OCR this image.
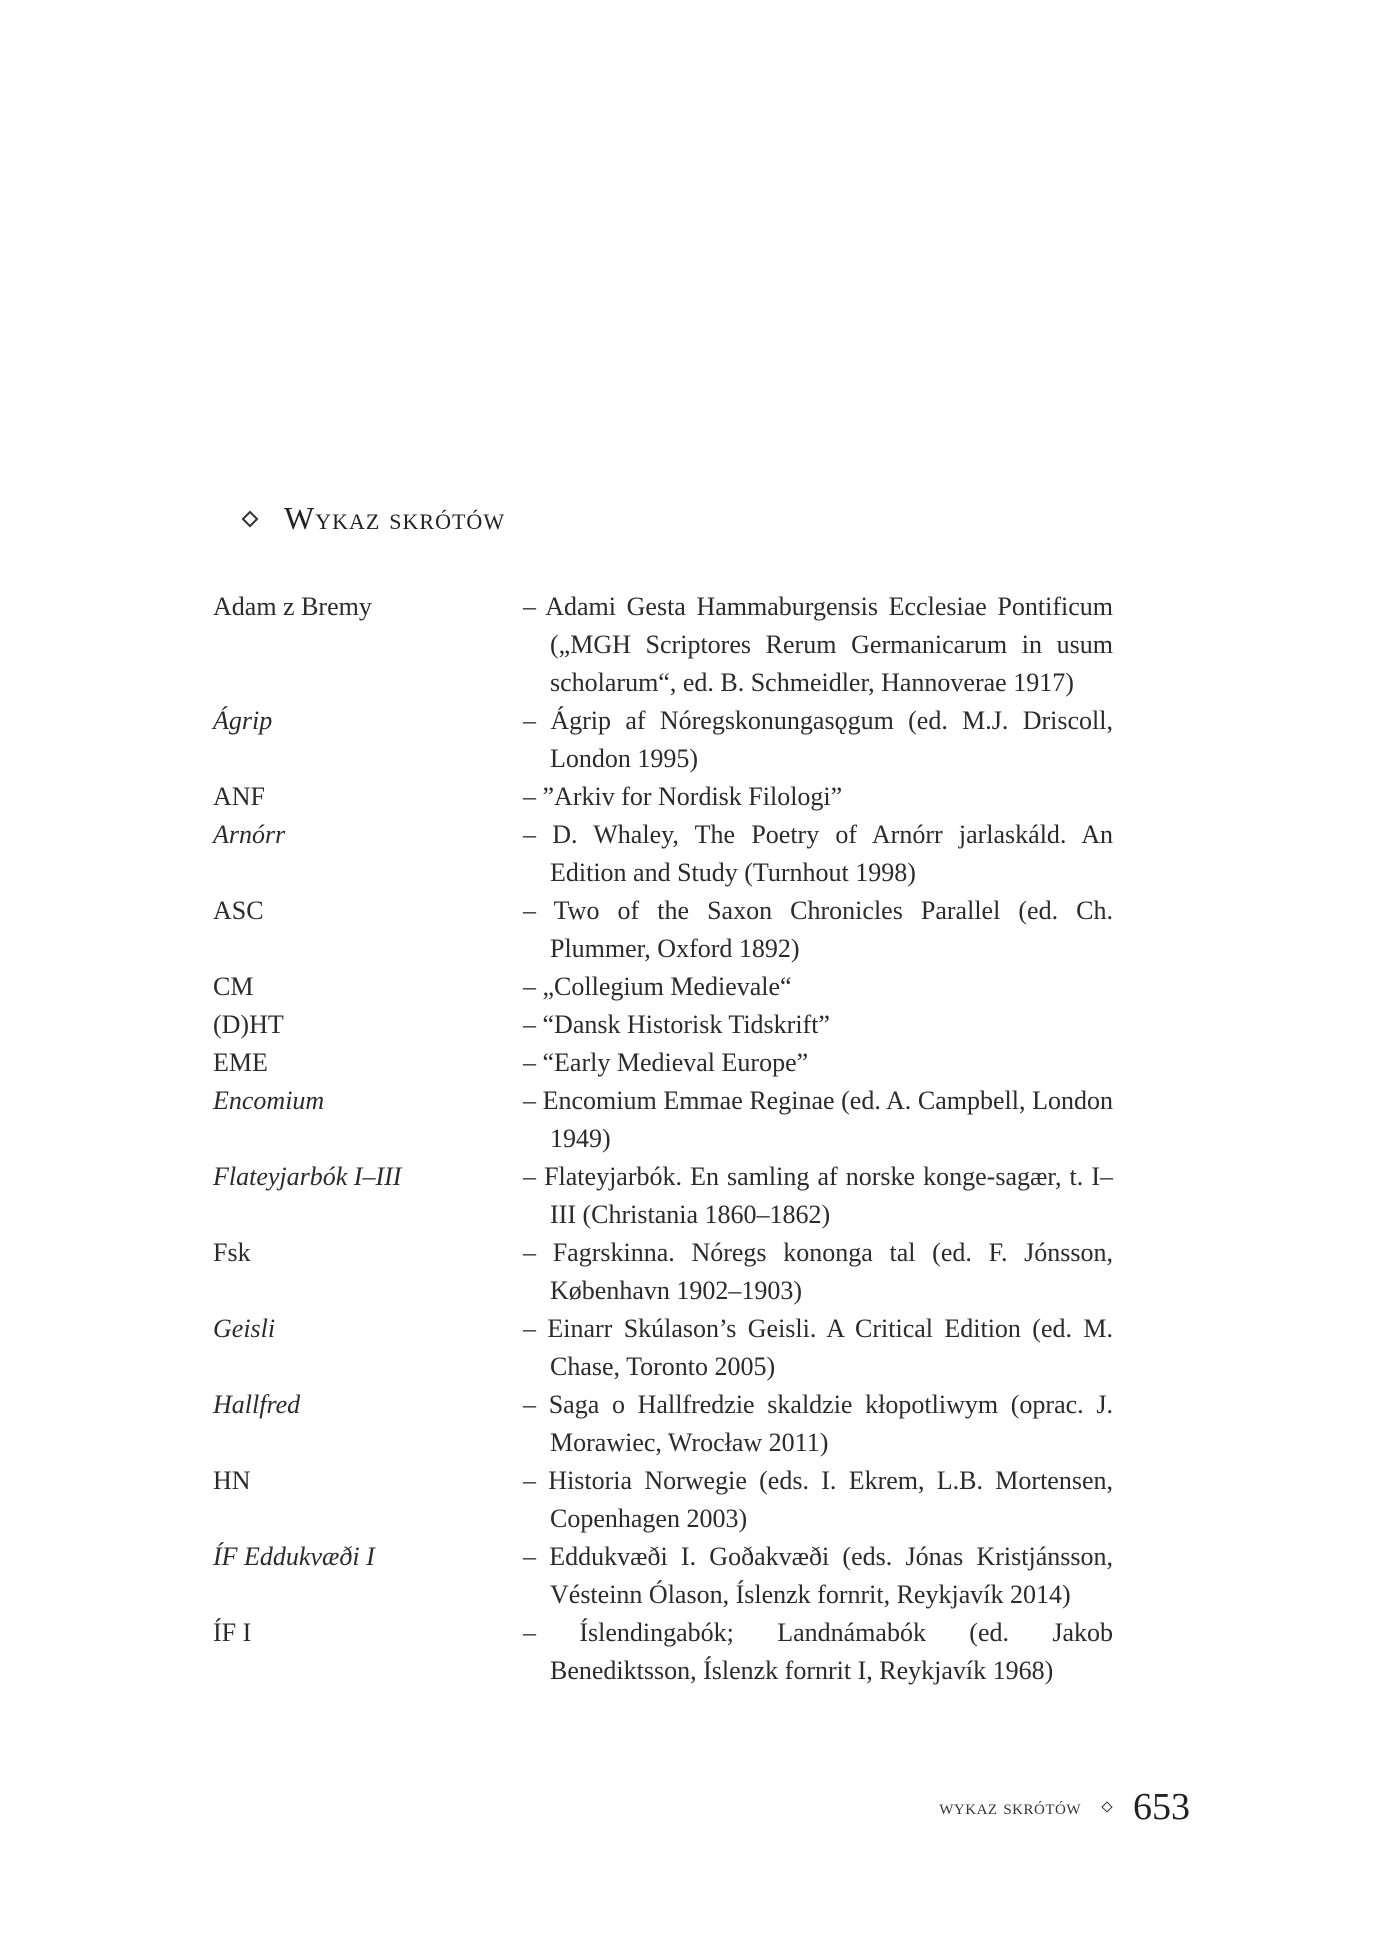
Wykaz skrótów
Adam z Bremy	– Adami Gesta Hammaburgensis Ecclesiae Pontificum („MGH Scriptores Rerum Germanicarum in usum scholarum“, ed. B. Schmeidler, Hannoverae 1917)
Ágrip	– Ágrip af Nóregskonungasǫgum (ed. M.J. Driscoll, London 1995)
ANF	– ”Arkiv for Nordisk Filologi”
Arnórr	– D. Whaley, The Poetry of Arnórr jarlaskáld. An Edition and Study (Turnhout 1998)
ASC	– Two of the Saxon Chronicles Parallel (ed. Ch. Plummer, Oxford 1892)
CM	– „Collegium Medievale“
(D)HT	– “Dansk Historisk Tidskrift”
EME	– “Early Medieval Europe”
Encomium	– Encomium Emmae Reginae (ed. A. Campbell, London 1949)
Flateyjarbók I–III	– Flateyjarbók. En samling af norske konge-sagær, t. I–III (Christania 1860–1862)
Fsk	– Fagrskinna. Nóregs kononga tal (ed. F. Jónsson, København 1902–1903)
Geisli	– Einarr Skúlason’s Geisli. A Critical Edition (ed. M. Chase, Toronto 2005)
Hallfred	– Saga o Hallfredzie skaldzie kłopotliwym (oprac. J. Morawiec, Wrocław 2011)
HN	– Historia Norwegie (eds. I. Ekrem, L.B. Mortensen, Copenhagen 2003)
ÍF Eddukvæði I	– Eddukvæði I. Goðakvæði (eds. Jónas Kristjánsson, Vésteinn Ólason, Íslenzk fornrit, Reykjavík 2014)
ÍF I	– Íslendingabók; Landnámabók (ed. Jakob Benediktsson, Íslenzk fornrit I, Reykjavík 1968)
wykaz skrótów 653
